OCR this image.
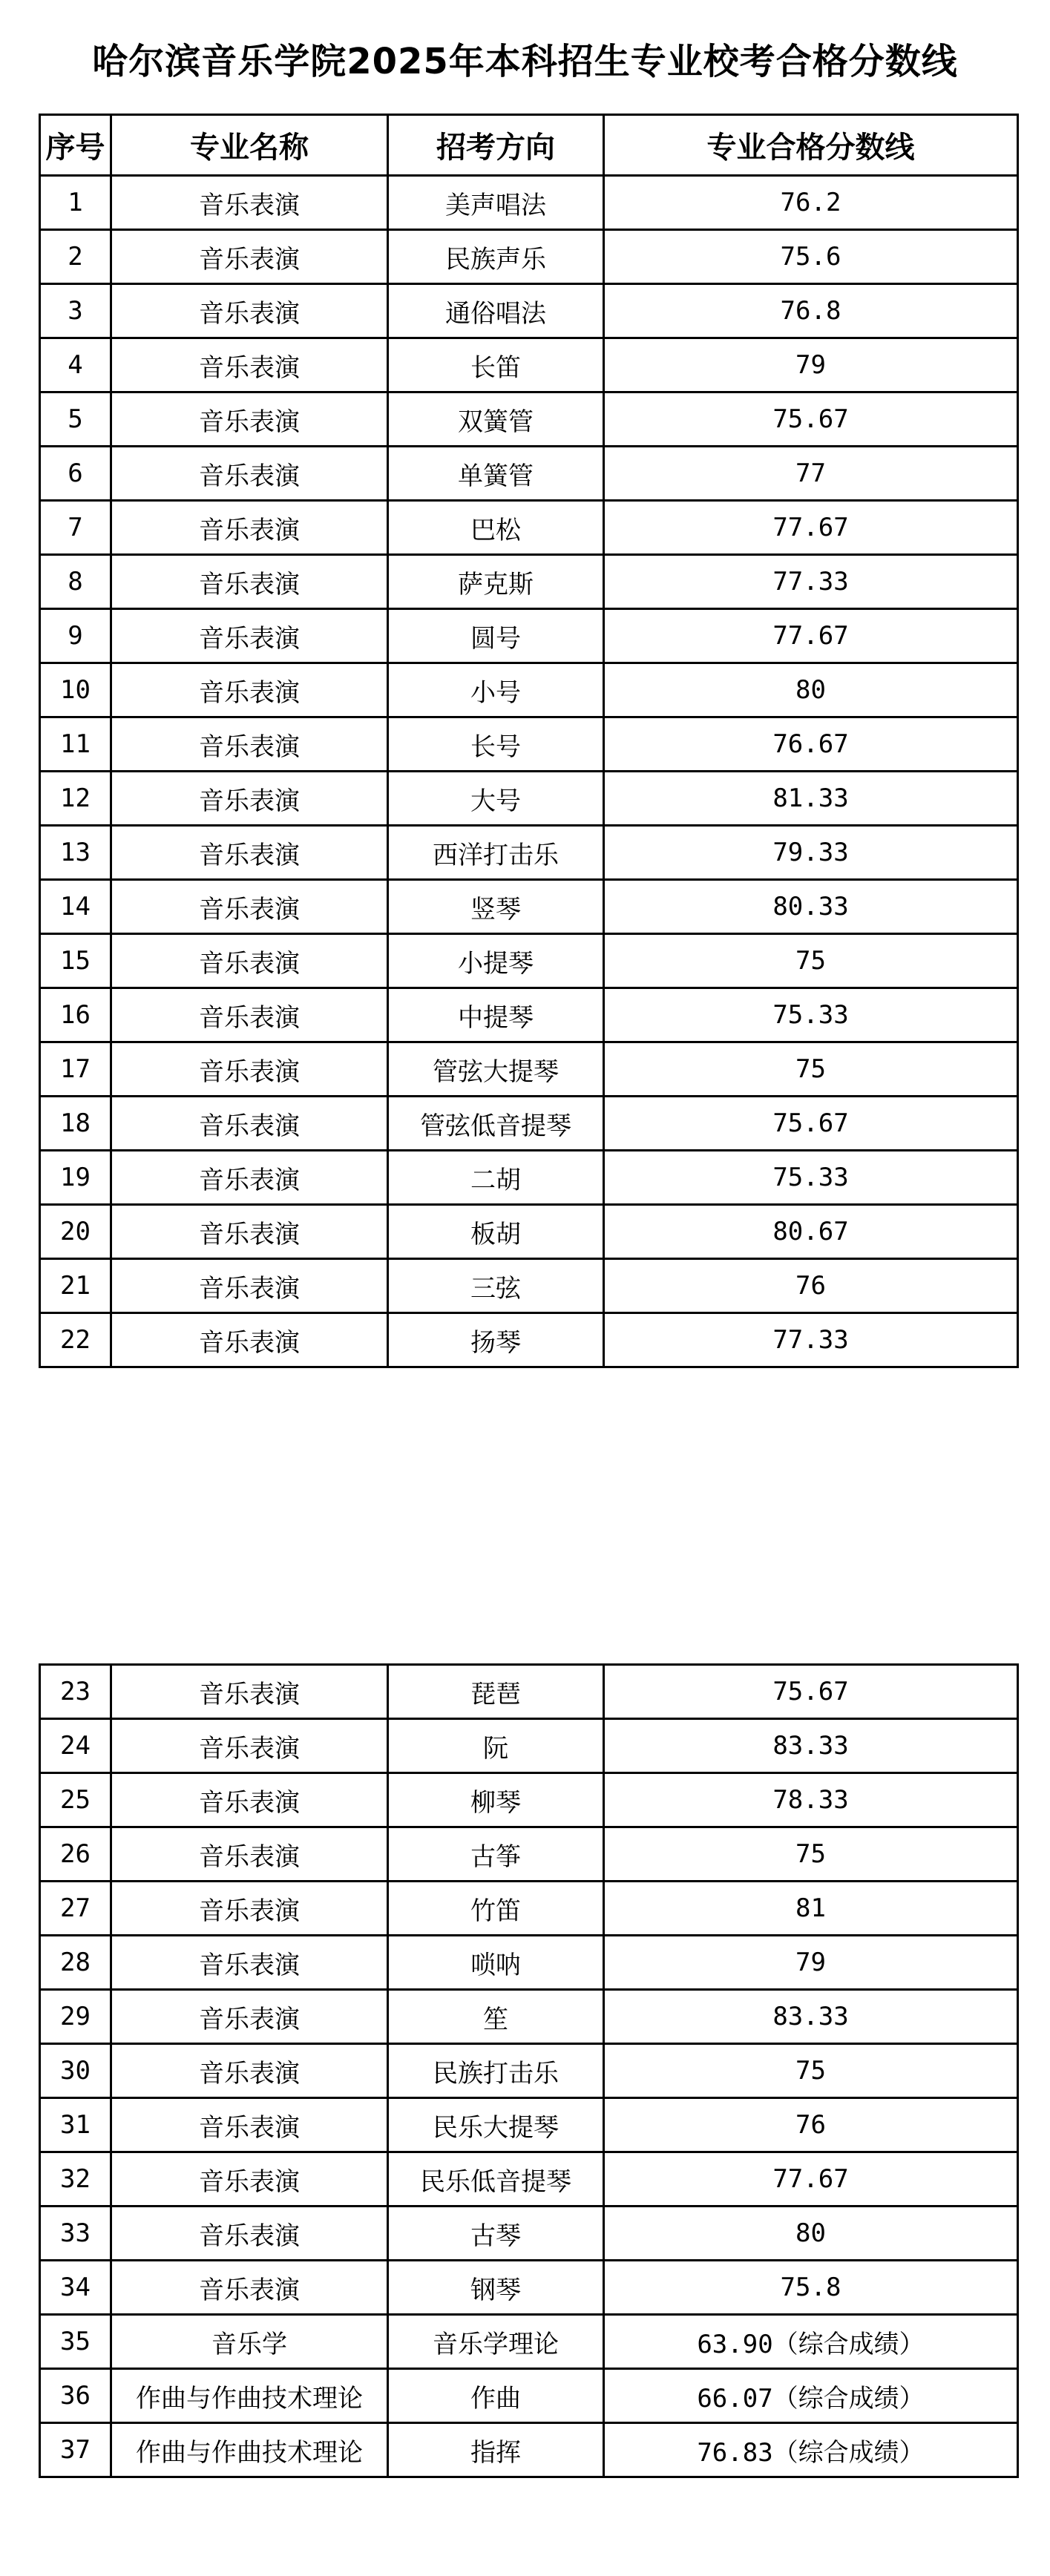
哈尔滨音乐学院2025年本科招生专业校考合格分数线
序号	专业名称	招考方向	专业合格分数线
1	音乐表演	美声唱法	76.2
2	音乐表演	民族声乐	75.6
3	音乐表演	通俗唱法	76.8
4	音乐表演	长笛	79
5	音乐表演	双簧管	75.67
6	音乐表演	单簧管	77
7	音乐表演	巴松	77.67
8	音乐表演	萨克斯	77.33
9	音乐表演	圆号	77.67
10	音乐表演	小号	80
11	音乐表演	长号	76.67
12	音乐表演	大号	81.33
13	音乐表演	西洋打击乐	79.33
14	音乐表演	竖琴	80.33
15	音乐表演	小提琴	75
16	音乐表演	中提琴	75.33
17	音乐表演	管弦大提琴	75
18	音乐表演	管弦低音提琴	75.67
19	音乐表演	二胡	75.33
20	音乐表演	板胡	80.67
21	音乐表演	三弦	76
22	音乐表演	扬琴	77.33
23	音乐表演	琵琶	75.67
24	音乐表演	阮	83.33
25	音乐表演	柳琴	78.33
26	音乐表演	古筝	75
27	音乐表演	竹笛	81
28	音乐表演	唢呐	79
29	音乐表演	笙	83.33
30	音乐表演	民族打击乐	75
31	音乐表演	民乐大提琴	76
32	音乐表演	民乐低音提琴	77.67
33	音乐表演	古琴	80
34	音乐表演	钢琴	75.8
35	音乐学	音乐学理论	63.90（综合成绩）
36	作曲与作曲技术理论	作曲	66.07（综合成绩）
37	作曲与作曲技术理论	指挥	76.83（综合成绩）
